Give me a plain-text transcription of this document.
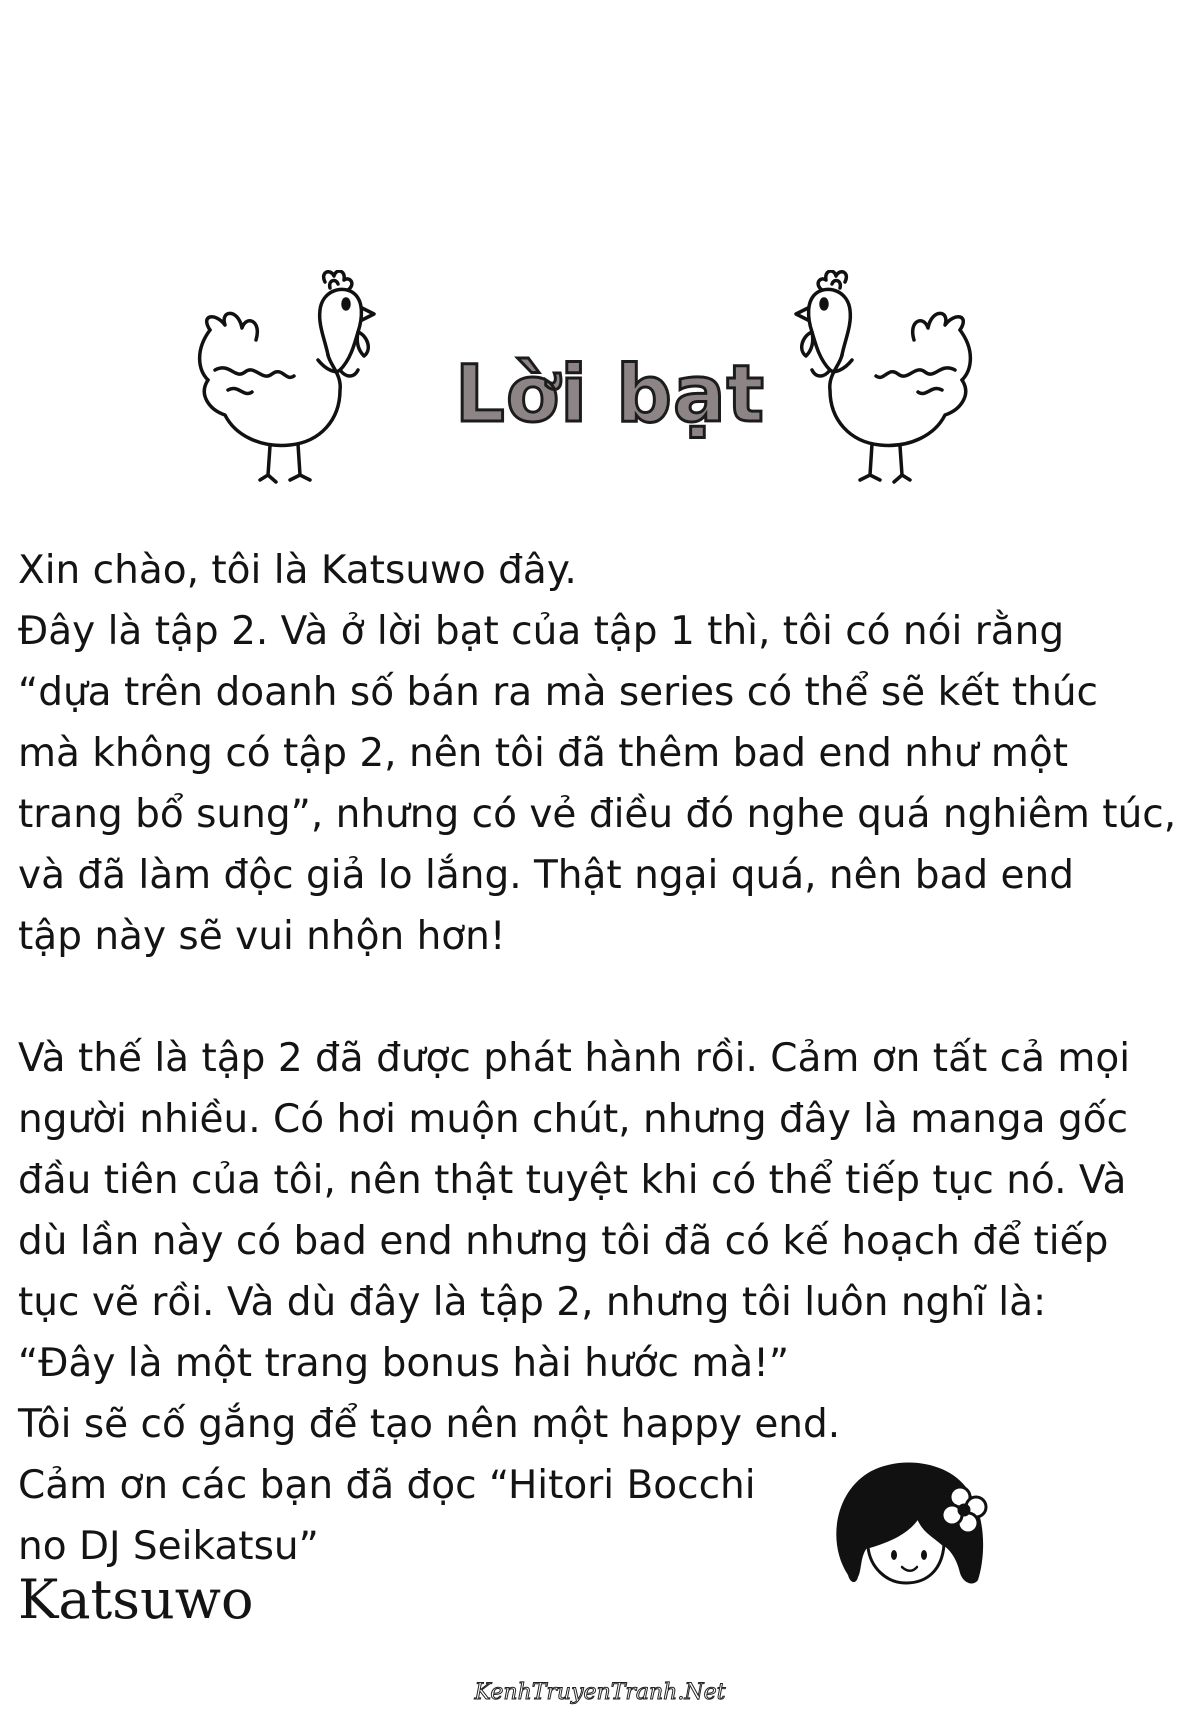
Lời bạt

Xin chào, tôi là Katsuwo đây.
Đây là tập 2. Và ở lời bạt của tập 1 thì, tôi có nói rằng
“dựa trên doanh số bán ra mà series có thể sẽ kết thúc
mà không có tập 2, nên tôi đã thêm bad end như một
trang bổ sung”, nhưng có vẻ điều đó nghe quá nghiêm túc,
và đã làm độc giả lo lắng. Thật ngại quá, nên bad end
tập này sẽ vui nhộn hơn!

Và thế là tập 2 đã được phát hành rồi. Cảm ơn tất cả mọi
người nhiều. Có hơi muộn chút, nhưng đây là manga gốc
đầu tiên của tôi, nên thật tuyệt khi có thể tiếp tục nó. Và
dù lần này có bad end nhưng tôi đã có kế hoạch để tiếp
tục vẽ rồi. Và dù đây là tập 2, nhưng tôi luôn nghĩ là:
“Đây là một trang bonus hài hước mà!”
Tôi sẽ cố gắng để tạo nên một happy end.
Cảm ơn các bạn đã đọc “Hitori Bocchi
no DJ Seikatsu”

Katsuwo
KenhTruyenTranh.Net
